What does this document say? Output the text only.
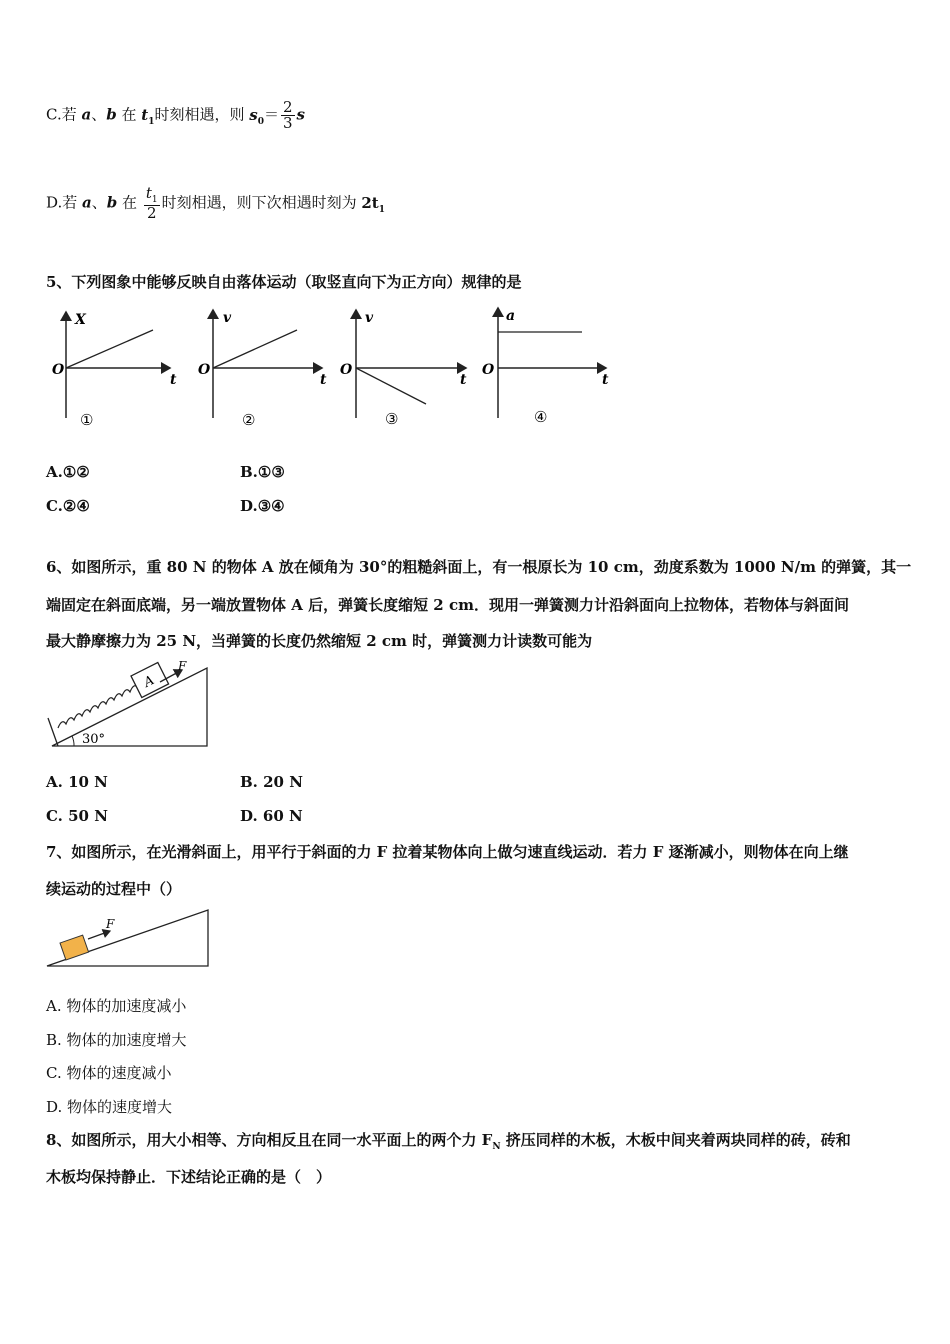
C.若 a、b 在 $t_1$时刻相遇，则 $s_0= \frac{2}{3}$ s
D.若 a、b 在 $\frac{t_1}{2}$ 时刻相遇，则下次相遇时刻为 $2t_1$
5、下列图象中能够反映自由落体运动（取竖直向下为正方向）规律的是
X
O
t
①
v
O
t
②
v
O
t
③
a
O
t
④
A.①②	B.①③
C.②④	D.③④
6、如图所示，重 80 N 的物体 A 放在倾角为 30°的粗糙斜面上，有一根原长为 10 cm，劲度系数为 1000 N/m 的弹簧，其一
端固定在斜面底端，另一端放置物体 A 后，弹簧长度缩短 2 cm．现用一弹簧测力计沿斜面向上拉物体，若物体与斜面间
最大静摩擦力为 25 N，当弹簧的长度仍然缩短 2 cm 时，弹簧测力计读数可能为
A
F
30°
A. 10 N	B. 20 N
C. 50 N	D. 60 N
7、如图所示，在光滑斜面上，用平行于斜面的力 F 拉着某物体向上做匀速直线运动．若力 F 逐渐减小，则物体在向上继
续运动的过程中（）
F
A. 物体的加速度减小
B. 物体的加速度增大
C. 物体的速度减小
D. 物体的速度增大
8、如图所示，用大小相等、方向相反且在同一水平面上的两个力 $F_N$ 挤压同样的木板，木板中间夹着两块同样的砖，砖和
木板均保持静止．下述结论正确的是（　）
